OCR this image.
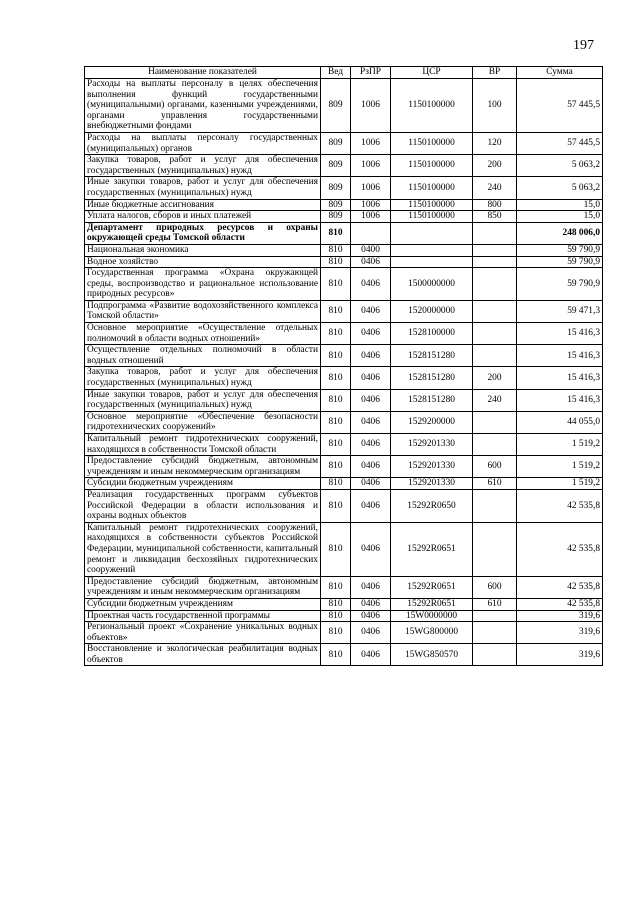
197
Наименование показателей	Вед	РзПР	ЦСР	ВР	Сумма
Расходы на выплаты персоналу в целях обеспечения выполнения функций государственными (муниципальными) органами, казенными учреждениями, органами управления государственными внебюджетными фондами	809	1006	1150100000	100	57 445,5
Расходы на выплаты персоналу государственных (муниципальных) органов	809	1006	1150100000	120	57 445,5
Закупка товаров, работ и услуг для обеспечения государственных (муниципальных) нужд	809	1006	1150100000	200	5 063,2
Иные закупки товаров, работ и услуг для обеспечения государственных (муниципальных) нужд	809	1006	1150100000	240	5 063,2
Иные бюджетные ассигнования	809	1006	1150100000	800	15,0
Уплата налогов, сборов и иных платежей	809	1006	1150100000	850	15,0
Департамент природных ресурсов и охраны окружающей среды Томской области	810				248 006,0
Национальная экономика	810	0400			59 790,9
Водное хозяйство	810	0406			59 790,9
Государственная программа «Охрана окружающей среды, воспроизводство и рациональное использование природных ресурсов»	810	0406	1500000000		59 790,9
Подпрограмма «Развитие водохозяйственного комплекса Томской области»	810	0406	1520000000		59 471,3
Основное мероприятие «Осуществление отдельных полномочий в области водных отношений»	810	0406	1528100000		15 416,3
Осуществление отдельных полномочий в области водных отношений	810	0406	1528151280		15 416,3
Закупка товаров, работ и услуг для обеспечения государственных (муниципальных) нужд	810	0406	1528151280	200	15 416,3
Иные закупки товаров, работ и услуг для обеспечения государственных (муниципальных) нужд	810	0406	1528151280	240	15 416,3
Основное мероприятие «Обеспечение безопасности гидротехнических сооружений»	810	0406	1529200000		44 055,0
Капитальный ремонт гидротехнических сооружений, находящихся в собственности Томской области	810	0406	1529201330		1 519,2
Предоставление субсидий бюджетным, автономным учреждениям и иным некоммерческим организациям	810	0406	1529201330	600	1 519,2
Субсидии бюджетным учреждениям	810	0406	1529201330	610	1 519,2
Реализация государственных программ субъектов Российской Федерации в области использования и охраны водных объектов	810	0406	15292R0650		42 535,8
Капитальный ремонт гидротехнических сооружений, находящихся в собственности субъектов Российской Федерации, муниципальной собственности, капитальный ремонт и ликвидация бесхозяйных гидротехнических сооружений	810	0406	15292R0651		42 535,8
Предоставление субсидий бюджетным, автономным учреждениям и иным некоммерческим организациям	810	0406	15292R0651	600	42 535,8
Субсидии бюджетным учреждениям	810	0406	15292R0651	610	42 535,8
Проектная часть государственной программы	810	0406	15W0000000		319,6
Региональный проект «Сохранение уникальных водных объектов»	810	0406	15WG800000		319,6
Восстановление и экологическая реабилитация водных объектов	810	0406	15WG850570		319,6
